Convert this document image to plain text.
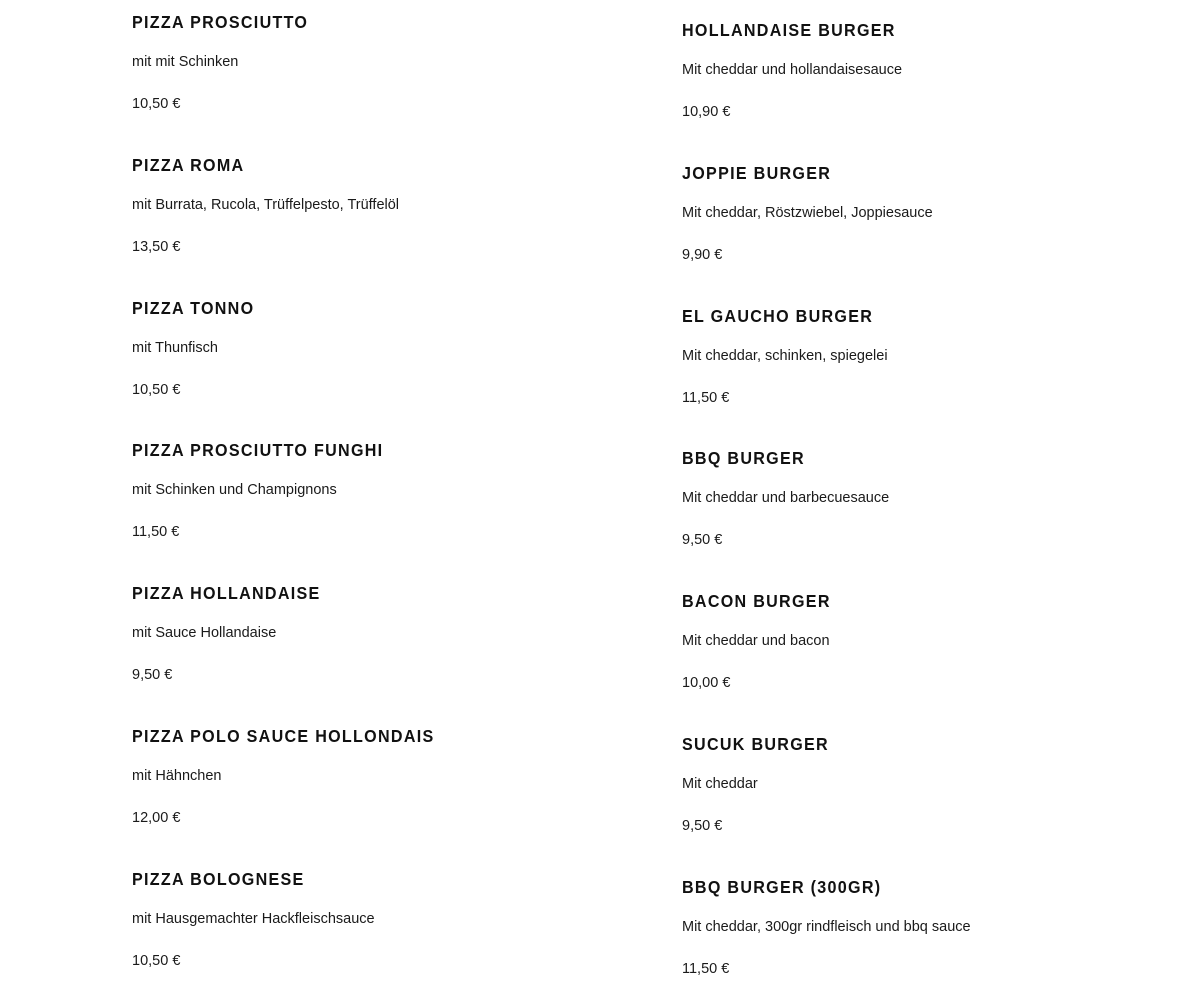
PIZZA PROSCIUTTO
mit mit Schinken
10,50 €
PIZZA ROMA
mit Burrata, Rucola, Trüffelpesto, Trüffelöl
13,50 €
PIZZA TONNO
mit Thunfisch
10,50 €
PIZZA PROSCIUTTO FUNGHI
mit Schinken und Champignons
11,50 €
PIZZA HOLLANDAISE
mit Sauce Hollandaise
9,50 €
PIZZA POLO SAUCE HOLLONDAIS
mit Hähnchen
12,00 €
PIZZA BOLOGNESE
mit Hausgemachter Hackfleischsauce
10,50 €
HOLLANDAISE BURGER
Mit cheddar und hollandaisesauce
10,90 €
JOPPIE BURGER
Mit cheddar, Röstzwiebel, Joppiesauce
9,90 €
EL GAUCHO BURGER
Mit cheddar, schinken, spiegelei
11,50 €
BBQ BURGER
Mit cheddar und barbecuesauce
9,50 €
BACON BURGER
Mit cheddar und bacon
10,00 €
SUCUK BURGER
Mit cheddar
9,50 €
BBQ BURGER (300GR)
Mit cheddar, 300gr rindfleisch und bbq sauce
11,50 €
